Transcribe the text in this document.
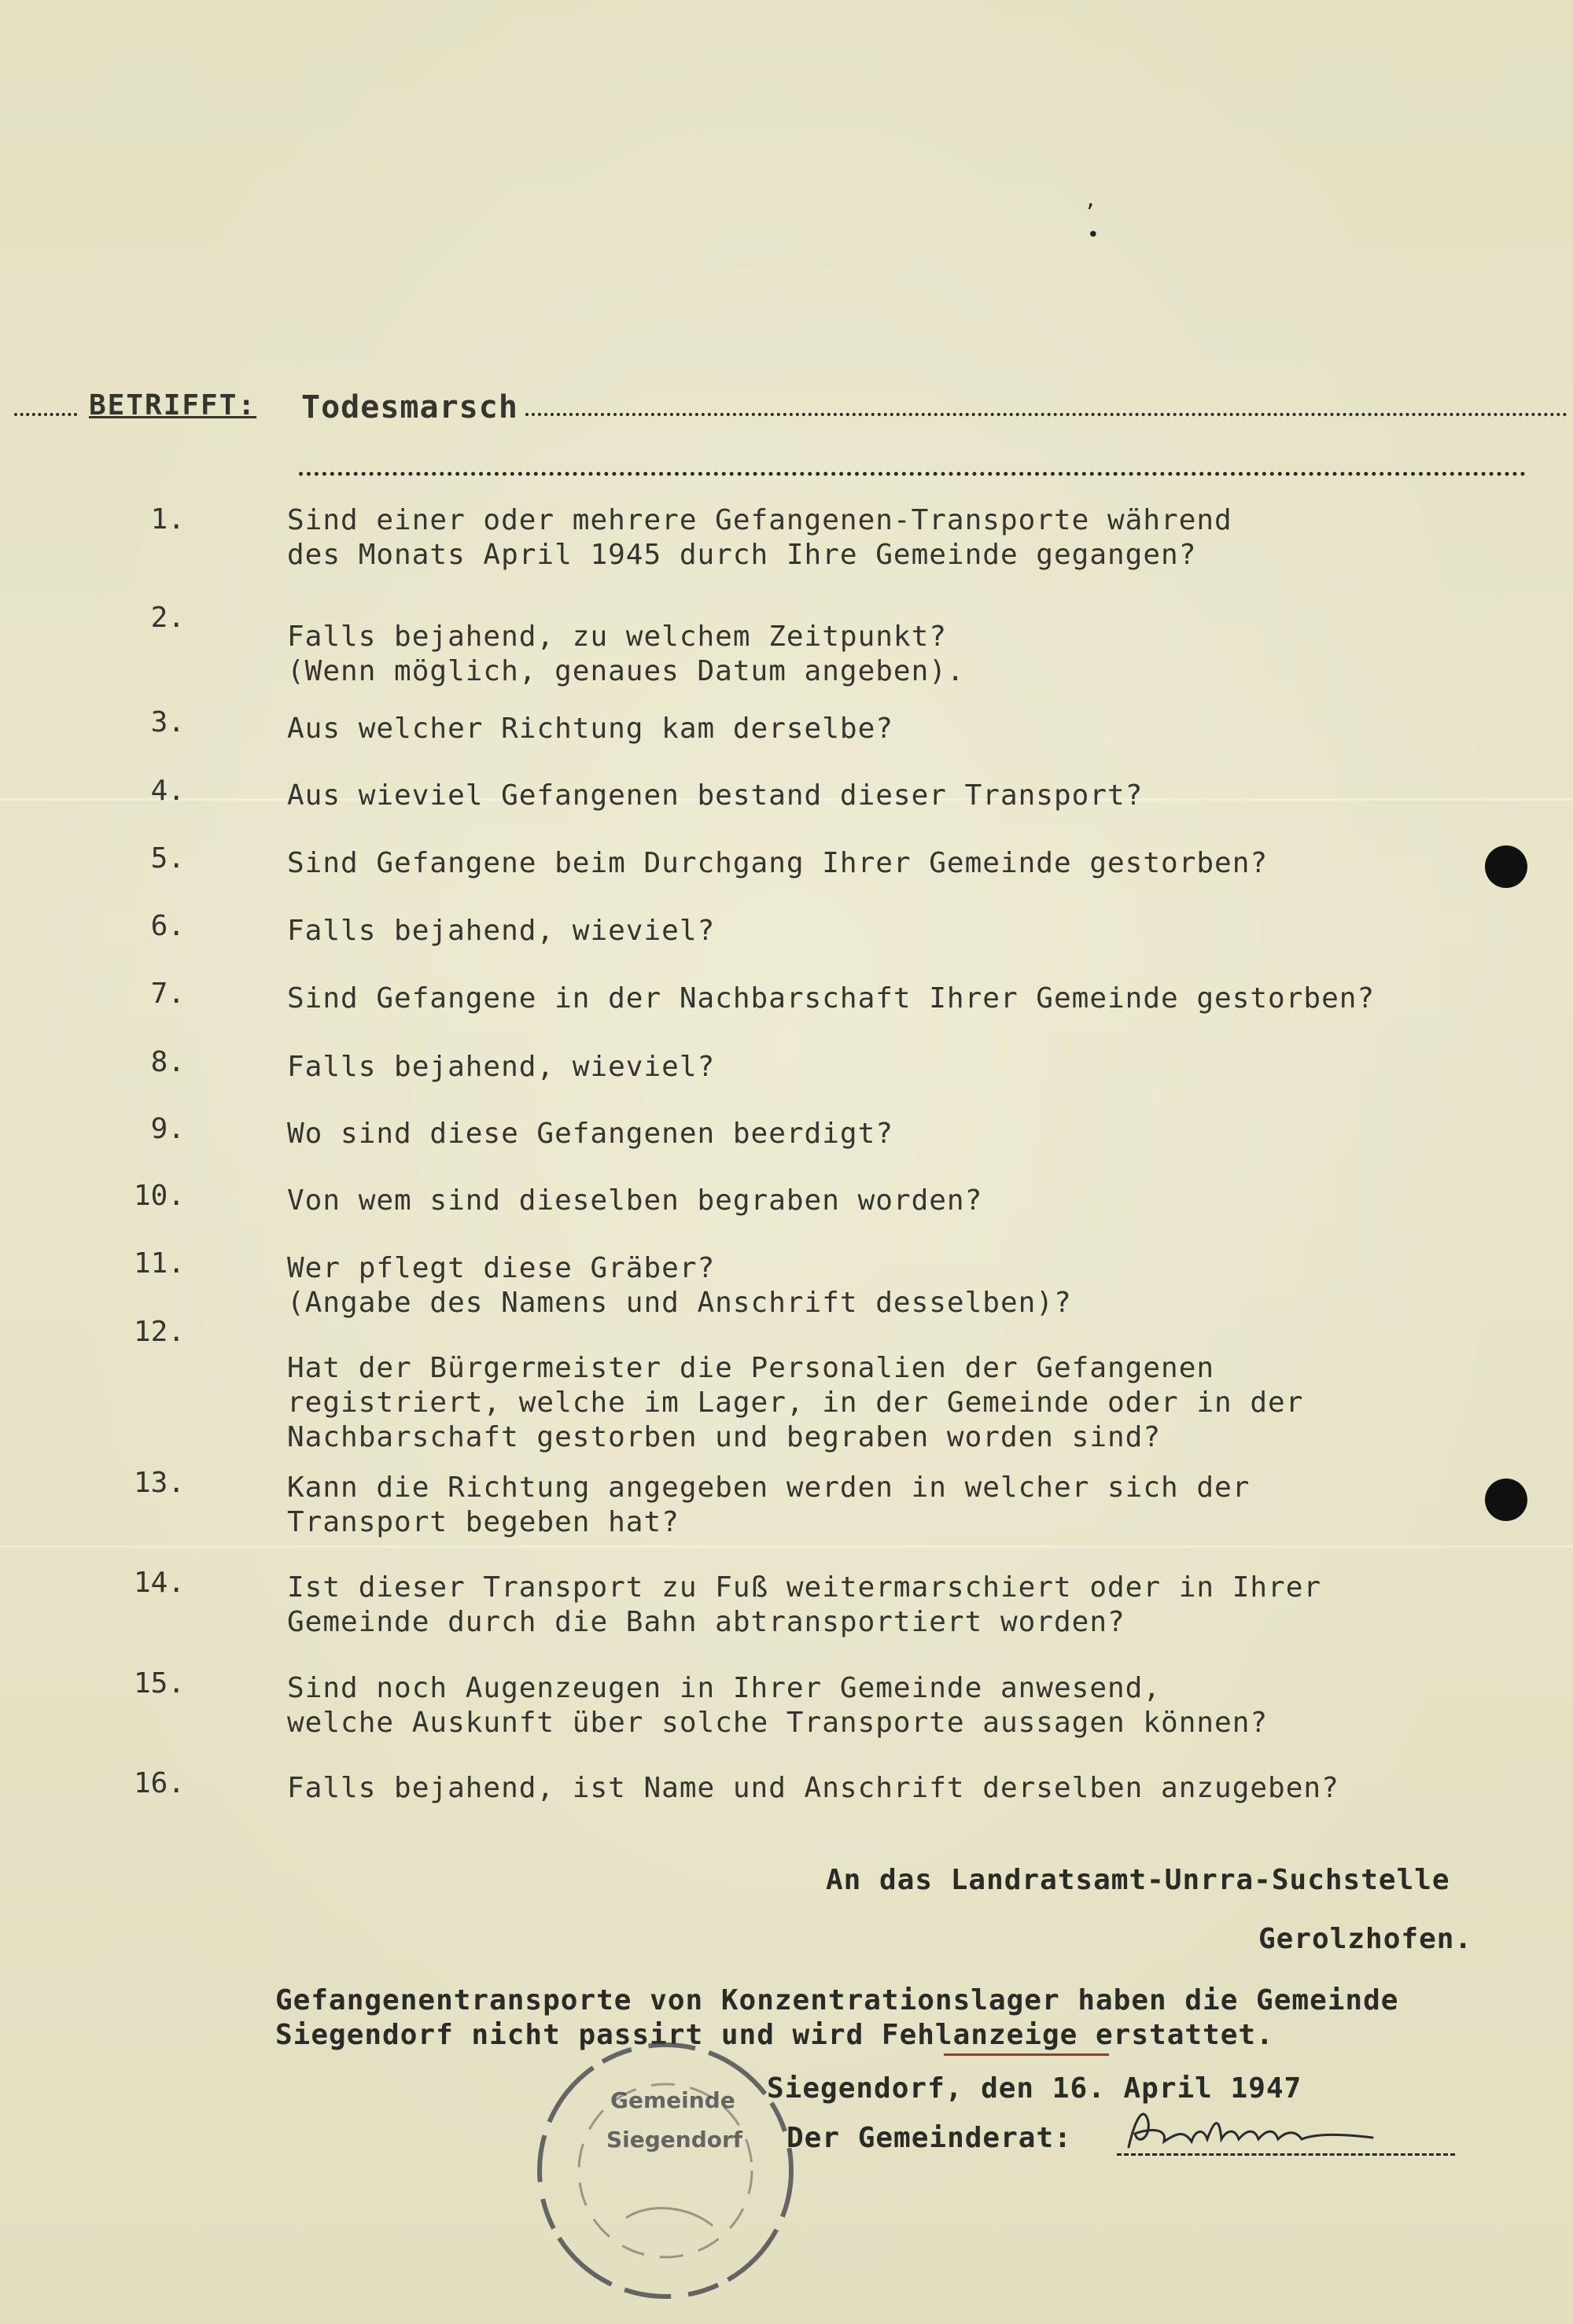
’
•
BETRIFFT: Todesmarsch
1.	Sind einer oder mehrere Gefangenen-Transporte während
des Monats April 1945 durch Ihre Gemeinde gegangen?
2.
Falls bejahend, zu welchem Zeitpunkt?
(Wenn möglich, genaues Datum angeben).
3.	Aus welcher Richtung kam derselbe?
4.	Aus wieviel Gefangenen bestand dieser Transport?
5.	Sind Gefangene beim Durchgang Ihrer Gemeinde gestorben?
6.	Falls bejahend, wieviel?
7.	Sind Gefangene in der Nachbarschaft Ihrer Gemeinde gestorben?
8.	Falls bejahend, wieviel?
9.	Wo sind diese Gefangenen beerdigt?
10.	Von wem sind dieselben begraben worden?
11.	Wer pflegt diese Gräber?
(Angabe des Namens und Anschrift desselben)?
12.
Hat der Bürgermeister die Personalien der Gefangenen
registriert, welche im Lager, in der Gemeinde oder in der
Nachbarschaft gestorben und begraben worden sind?
13.	Kann die Richtung angegeben werden in welcher sich der
Transport begeben hat?
14.	Ist dieser Transport zu Fuß weitermarschiert oder in Ihrer
Gemeinde durch die Bahn abtransportiert worden?
15.	Sind noch Augenzeugen in Ihrer Gemeinde anwesend,
welche Auskunft über solche Transporte aussagen können?
16.	Falls bejahend, ist Name und Anschrift derselben anzugeben?
An das Landratsamt-Unrra-Suchstelle
Gerolzhofen.
Gefangenentransporte von Konzentrationslager haben die Gemeinde
Siegendorf nicht passirt und wird Fehlanzeige erstattet.
Siegendorf, den 16. April 1947
Der Gemeinderat:
Gemeinde
Siegendorf
